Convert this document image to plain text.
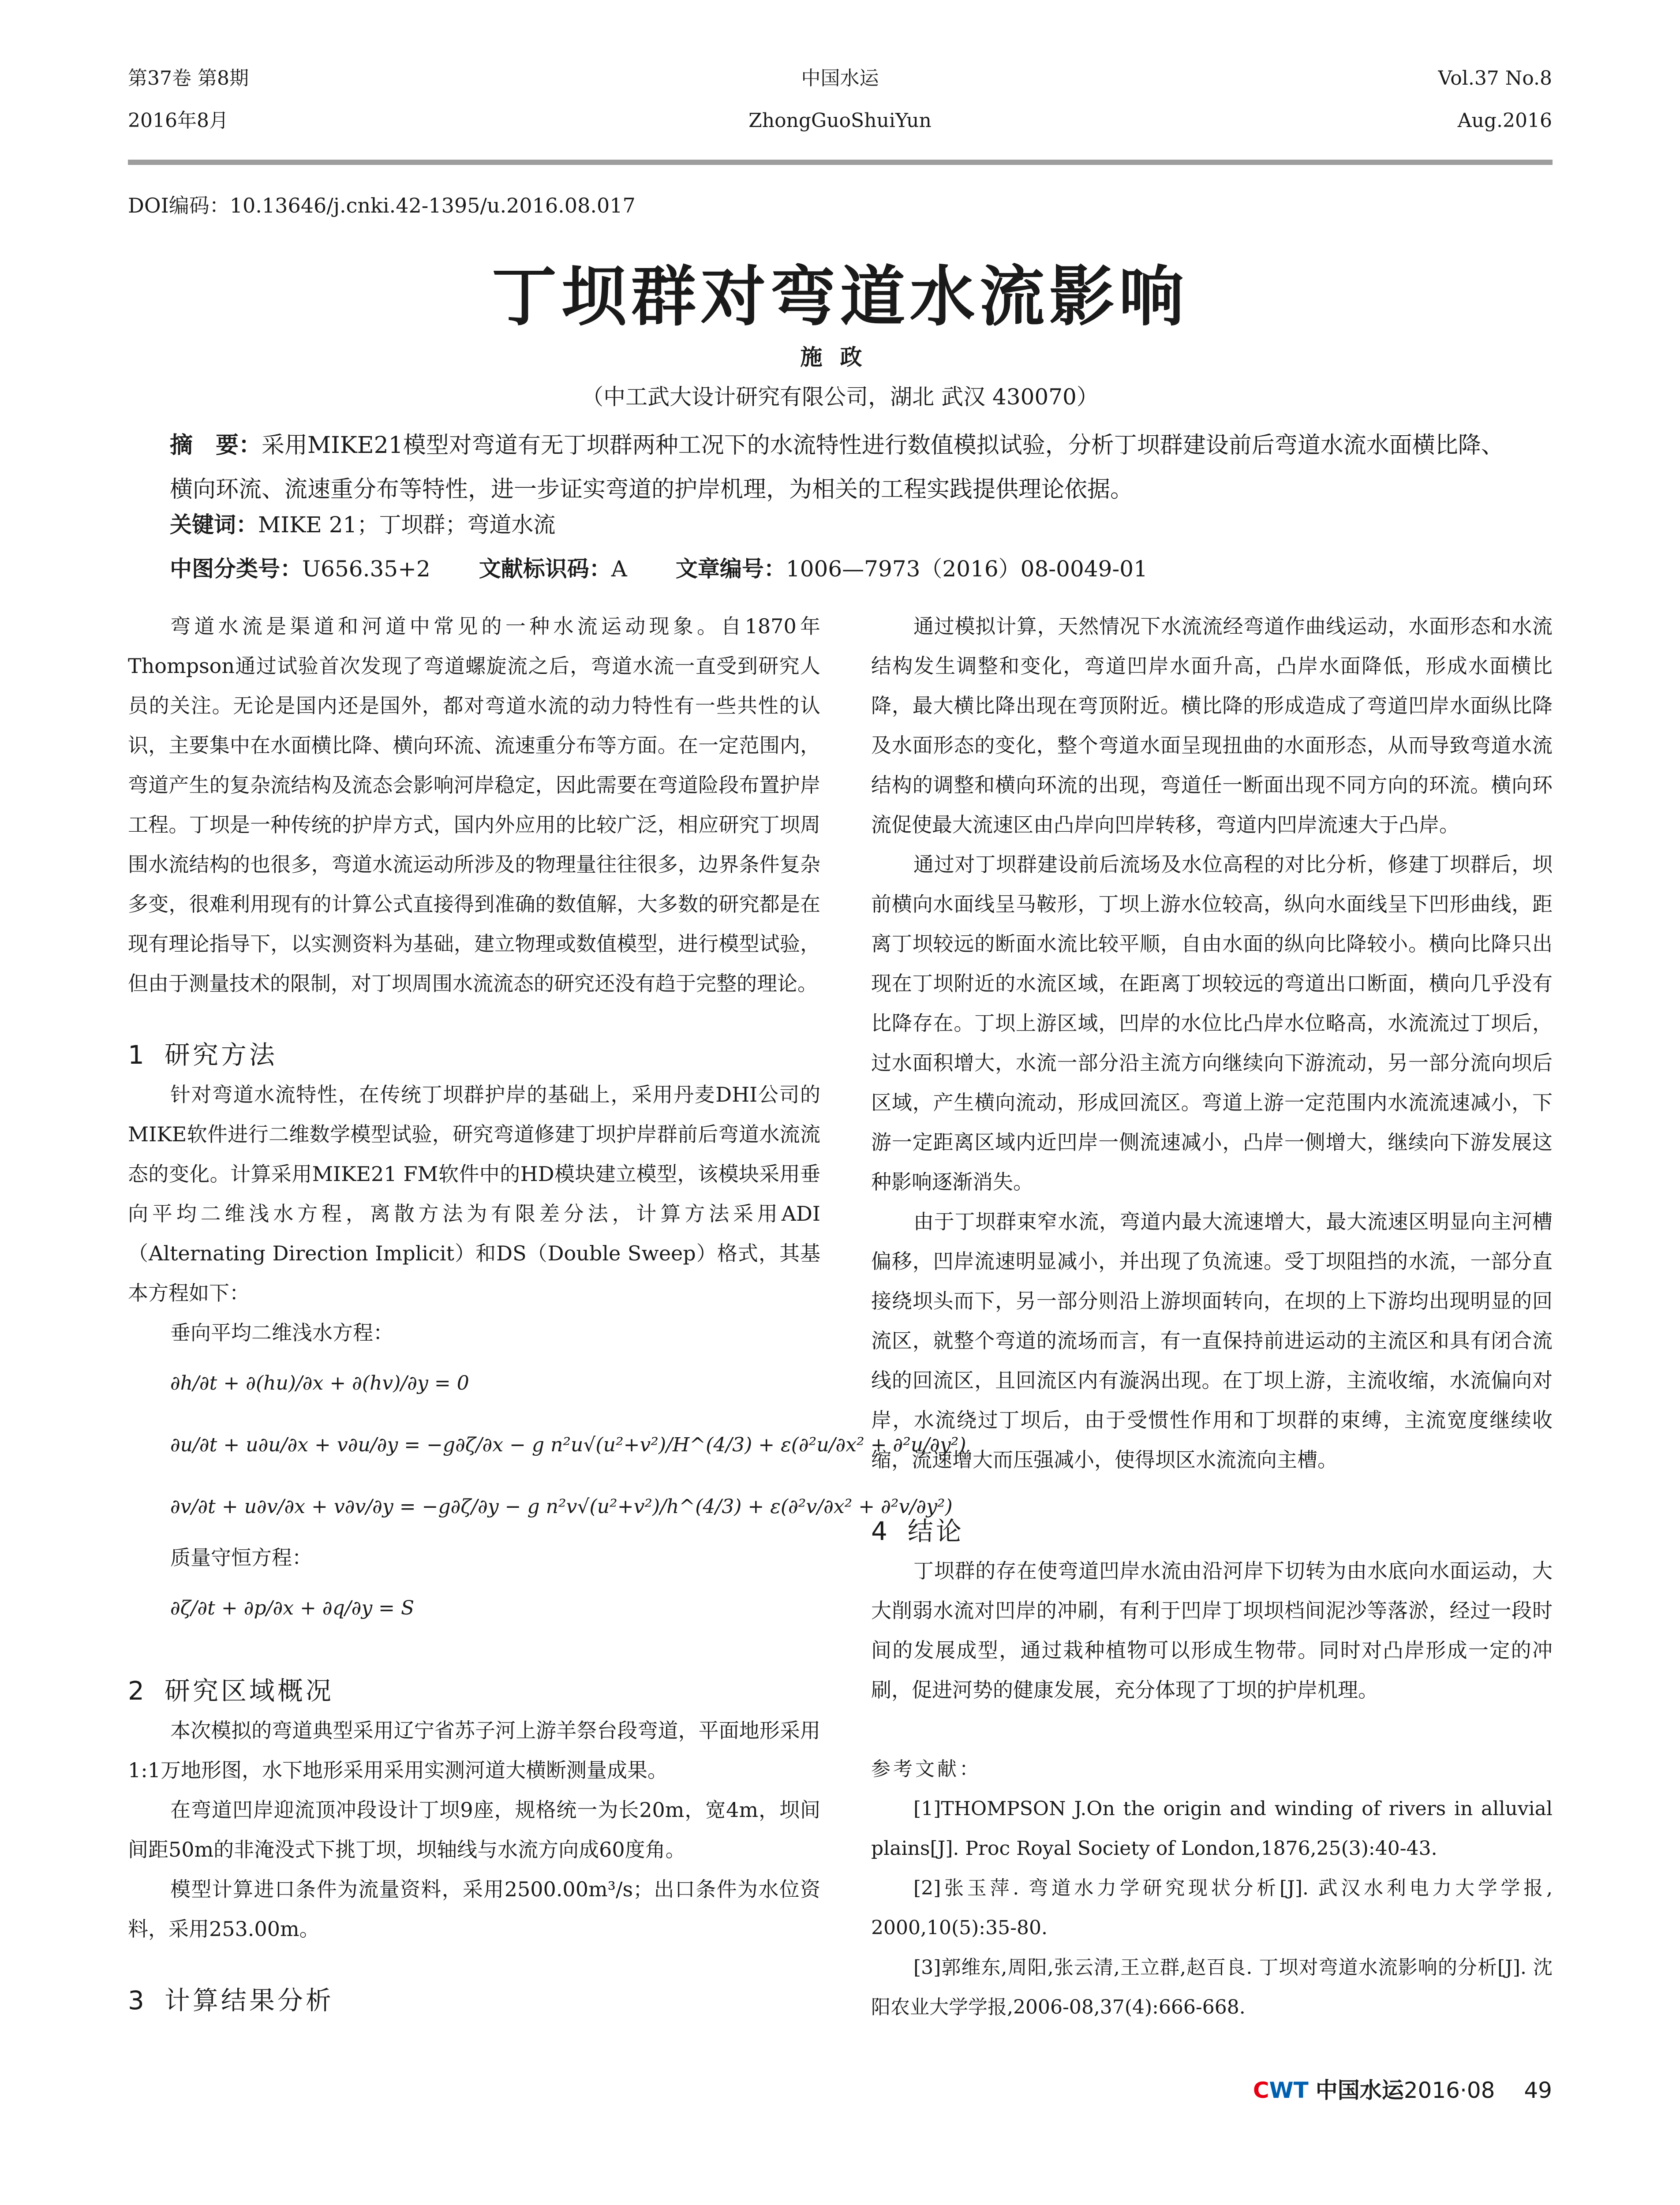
第37卷 第8期
2016年8月
中国水运
ZhongGuoShuiYun
Vol.37 No.8
Aug.2016
DOI编码：10.13646/j.cnki.42-1395/u.2016.08.017
丁坝群对弯道水流影响
施政
（中工武大设计研究有限公司，湖北 武汉 430070）
摘　要：采用MIKE21模型对弯道有无丁坝群两种工况下的水流特性进行数值模拟试验，分析丁坝群建设前后弯道水流水面横比降、横向环流、流速重分布等特性，进一步证实弯道的护岸机理，为相关的工程实践提供理论依据。
关键词：MIKE 21；丁坝群；弯道水流
中图分类号：U656.35+2 文献标识码：A 文章编号：1006—7973（2016）08-0049-01

弯道水流是渠道和河道中常见的一种水流运动现象。自1870年Thompson通过试验首次发现了弯道螺旋流之后，弯道水流一直受到研究人员的关注。无论是国内还是国外，都对弯道水流的动力特性有一些共性的认识，主要集中在水面横比降、横向环流、流速重分布等方面。在一定范围内，弯道产生的复杂流结构及流态会影响河岸稳定，因此需要在弯道险段布置护岸工程。丁坝是一种传统的护岸方式，国内外应用的比较广泛，相应研究丁坝周围水流结构的也很多，弯道水流运动所涉及的物理量往往很多，边界条件复杂多变，很难利用现有的计算公式直接得到准确的数值解，大多数的研究都是在现有理论指导下，以实测资料为基础，建立物理或数值模型，进行模型试验，但由于测量技术的限制，对丁坝周围水流流态的研究还没有趋于完整的理论。

1 研究方法

针对弯道水流特性，在传统丁坝群护岸的基础上，采用丹麦DHI公司的MIKE软件进行二维数学模型试验，研究弯道修建丁坝护岸群前后弯道水流流态的变化。计算采用MIKE21 FM软件中的HD模块建立模型，该模块采用垂向平均二维浅水方程，离散方法为有限差分法，计算方法采用ADI（Alternating Direction Implicit）和DS（Double Sweep）格式，其基本方程如下：

垂向平均二维浅水方程：

∂h/∂t + ∂(hu)/∂x + ∂(hv)/∂y = 0
∂u/∂t + u∂u/∂x + v∂u/∂y = −g∂ζ/∂x − g n²u√(u²+v²)/H^(4/3) + ε(∂²u/∂x² + ∂²u/∂y²)
∂v/∂t + u∂v/∂x + v∂v/∂y = −g∂ζ/∂y − g n²v√(u²+v²)/h^(4/3) + ε(∂²v/∂x² + ∂²v/∂y²)

质量守恒方程：

∂ζ/∂t + ∂p/∂x + ∂q/∂y = S
2 研究区域概况

本次模拟的弯道典型采用辽宁省苏子河上游羊祭台段弯道，平面地形采用1:1万地形图，水下地形采用采用实测河道大横断测量成果。

在弯道凹岸迎流顶冲段设计丁坝9座，规格统一为长20m，宽4m，坝间间距50m的非淹没式下挑丁坝，坝轴线与水流方向成60度角。

模型计算进口条件为流量资料，采用2500.00m³/s；出口条件为水位资料，采用253.00m。

3 计算结果分析

通过模拟计算，天然情况下水流流经弯道作曲线运动，水面形态和水流结构发生调整和变化，弯道凹岸水面升高，凸岸水面降低，形成水面横比降，最大横比降出现在弯顶附近。横比降的形成造成了弯道凹岸水面纵比降及水面形态的变化，整个弯道水面呈现扭曲的水面形态，从而导致弯道水流结构的调整和横向环流的出现，弯道任一断面出现不同方向的环流。横向环流促使最大流速区由凸岸向凹岸转移，弯道内凹岸流速大于凸岸。

通过对丁坝群建设前后流场及水位高程的对比分析，修建丁坝群后，坝前横向水面线呈马鞍形，丁坝上游水位较高，纵向水面线呈下凹形曲线，距离丁坝较远的断面水流比较平顺，自由水面的纵向比降较小。横向比降只出现在丁坝附近的水流区域，在距离丁坝较远的弯道出口断面，横向几乎没有比降存在。丁坝上游区域，凹岸的水位比凸岸水位略高，水流流过丁坝后，过水面积增大，水流一部分沿主流方向继续向下游流动，另一部分流向坝后区域，产生横向流动，形成回流区。弯道上游一定范围内水流流速减小，下游一定距离区域内近凹岸一侧流速减小，凸岸一侧增大，继续向下游发展这种影响逐渐消失。

由于丁坝群束窄水流，弯道内最大流速增大，最大流速区明显向主河槽偏移，凹岸流速明显减小，并出现了负流速。受丁坝阻挡的水流，一部分直接绕坝头而下，另一部分则沿上游坝面转向，在坝的上下游均出现明显的回流区，就整个弯道的流场而言，有一直保持前进运动的主流区和具有闭合流线的回流区，且回流区内有漩涡出现。在丁坝上游，主流收缩，水流偏向对岸，水流绕过丁坝后，由于受惯性作用和丁坝群的束缚，主流宽度继续收缩，流速增大而压强减小，使得坝区水流流向主槽。

4 结论

丁坝群的存在使弯道凹岸水流由沿河岸下切转为由水底向水面运动，大大削弱水流对凹岸的冲刷，有利于凹岸丁坝坝档间泥沙等落淤，经过一段时间的发展成型，通过栽种植物可以形成生物带。同时对凸岸形成一定的冲刷，促进河势的健康发展，充分体现了丁坝的护岸机理。

参考文献：

[1]THOMPSON J.On the origin and winding of rivers in alluvial plains[J]. Proc Royal Society of London,1876,25(3):40-43.

[2]张玉萍. 弯道水力学研究现状分析[J]. 武汉水利电力大学学报, 2000,10(5):35-80.

[3]郭维东,周阳,张云清,王立群,赵百良. 丁坝对弯道水流影响的分析[J]. 沈阳农业大学学报,2006-08,37(4):666-668.

CWT 中国水运2016·08 49
